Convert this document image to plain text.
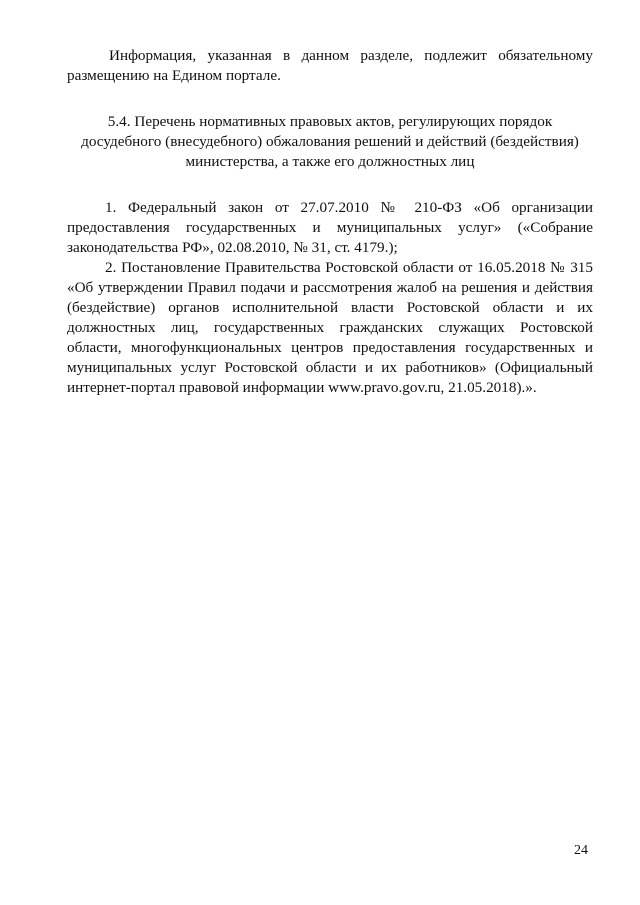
Информация, указанная в данном разделе, подлежит обязательному размещению на Едином портале.

5.4. Перечень нормативных правовых актов, регулирующих порядок досудебного (внесудебного) обжалования решений и действий (бездействия) министерства, а также его должностных лиц

1. Федеральный закон от 27.07.2010 № 210-ФЗ «Об организации предоставления государственных и муниципальных услуг» («Собрание законодательства РФ», 02.08.2010, № 31, ст. 4179.);

2. Постановление Правительства Ростовской области от 16.05.2018 № 315 «Об утверждении Правил подачи и рассмотрения жалоб на решения и действия (бездействие) органов исполнительной власти Ростовской области и их должностных лиц, государственных гражданских служащих Ростовской области, многофункциональных центров предоставления государственных и муниципальных услуг Ростовской области и их работников» (Официальный интернет-портал правовой информации www.pravo.gov.ru, 21.05.2018).».

24
